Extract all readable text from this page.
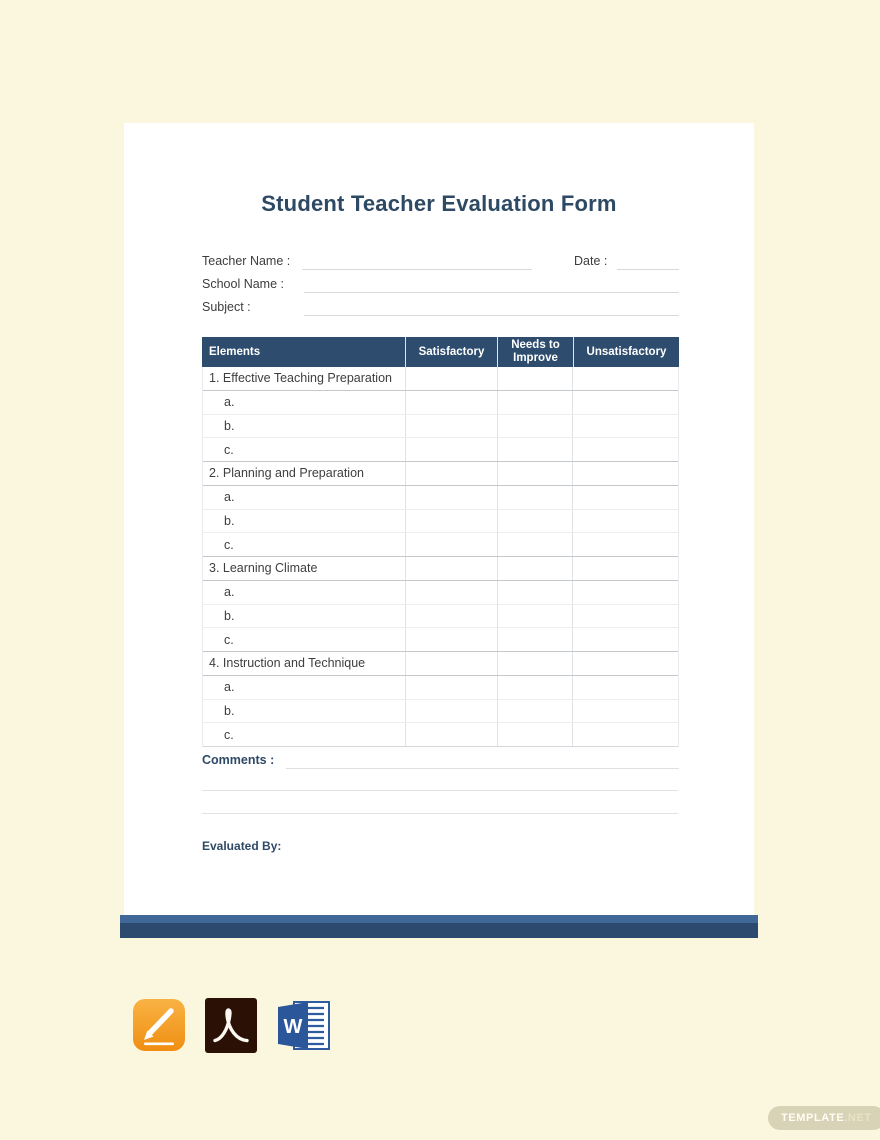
Student Teacher Evaluation Form
Teacher Name :	Date :
School Name :
Subject :
Elements	Satisfactory
Needs to Improve
Unsatisfactory
1. Effective Teaching Preparation
a.
b.
c.
2. Planning and Preparation
a.
b.
c.
3. Learning Climate
a.
b.
c.
4. Instruction and Technique
a.
b.
c.
Comments :
Evaluated By:
W
TEMPLATE .NET
